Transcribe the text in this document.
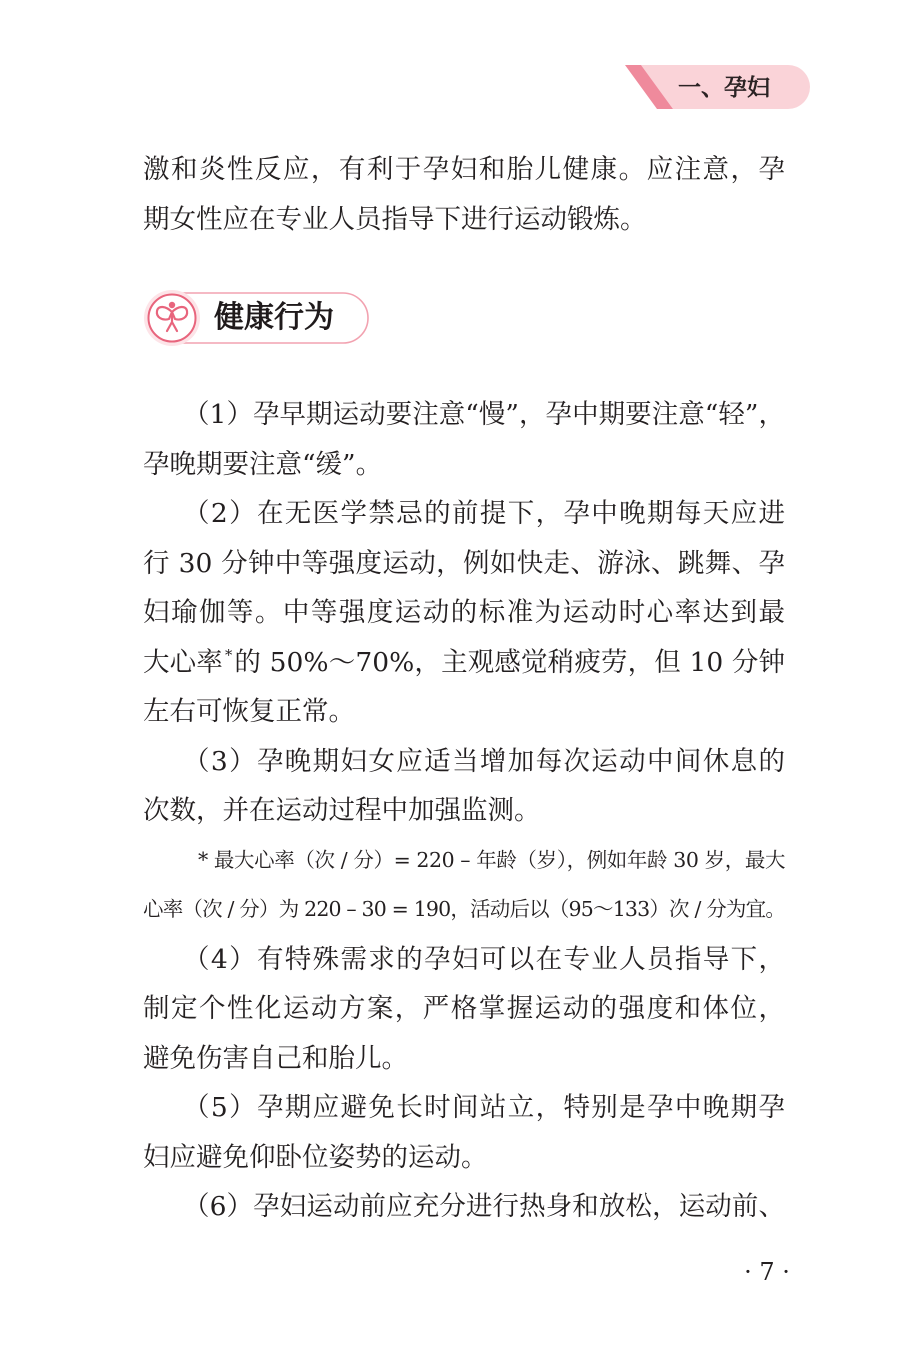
一、孕妇
激和炎性反应，有利于孕妇和胎儿健康。应注意，孕
期女性应在专业人员指导下进行运动锻炼。
健康行为
（1）孕早期运动要注意“慢”，孕中期要注意“轻”，
孕晚期要注意“缓”。
（2）在无医学禁忌的前提下，孕中晚期每天应进
行 30 分钟中等强度运动，例如快走、游泳、跳舞、孕
妇瑜伽等。中等强度运动的标准为运动时心率达到最
大心率 *的 50%～70%，主观感觉稍疲劳，但 10 分钟
左右可恢复正常。
（3）孕晚期妇女应适当增加每次运动中间休息的
次数，并在运动过程中加强监测。
* 最大心率（次 / 分）= 220 – 年龄（岁），例如年龄 30 岁，最大
心率（次 / 分）为 220 – 30 = 190，活动后以（95～133）次 / 分为宜。
（4）有特殊需求的孕妇可以在专业人员指导下，
制定个性化运动方案，严格掌握运动的强度和体位，
避免伤害自己和胎儿。
（5）孕期应避免长时间站立，特别是孕中晚期孕
妇应避免仰卧位姿势的运动。
（6）孕妇运动前应充分进行热身和放松，运动前、
· 7 ·
